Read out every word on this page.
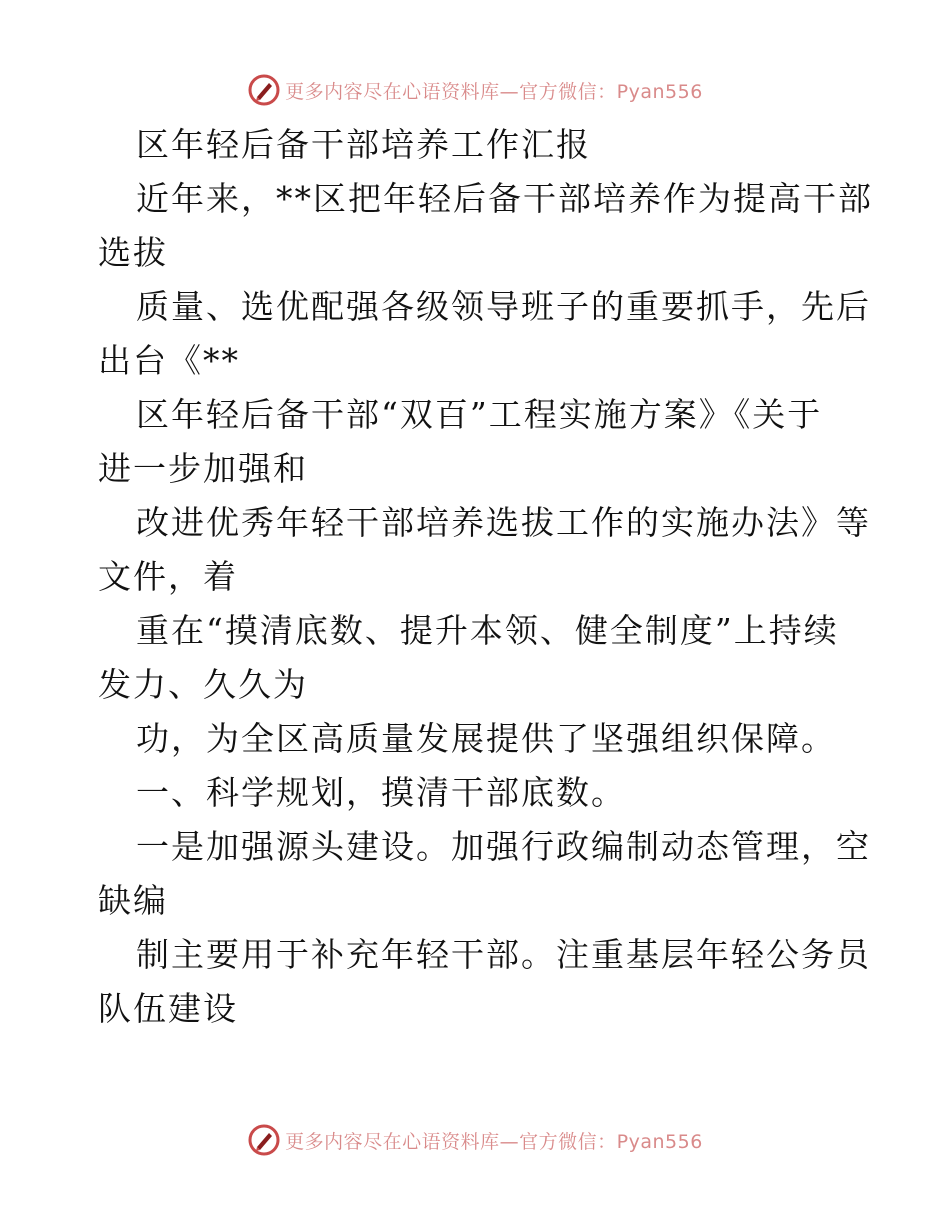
更多内容尽在心语资料库—官方微信：Pyan556
区年轻后备干部培养工作汇报
近年来，**区把年轻后备干部培养作为提高干部
选拔
质量、选优配强各级领导班子的重要抓手，先后
出台《**
区年轻后备干部“双百”工程实施方案》《关于
进一步加强和
改进优秀年轻干部培养选拔工作的实施办法》等
文件，着
重在“摸清底数、提升本领、健全制度”上持续
发力、久久为
功，为全区高质量发展提供了坚强组织保障。
一、科学规划，摸清干部底数。
一是加强源头建设。加强行政编制动态管理，空
缺编
制主要用于补充年轻干部。注重基层年轻公务员
队伍建设
更多内容尽在心语资料库—官方微信：Pyan556
